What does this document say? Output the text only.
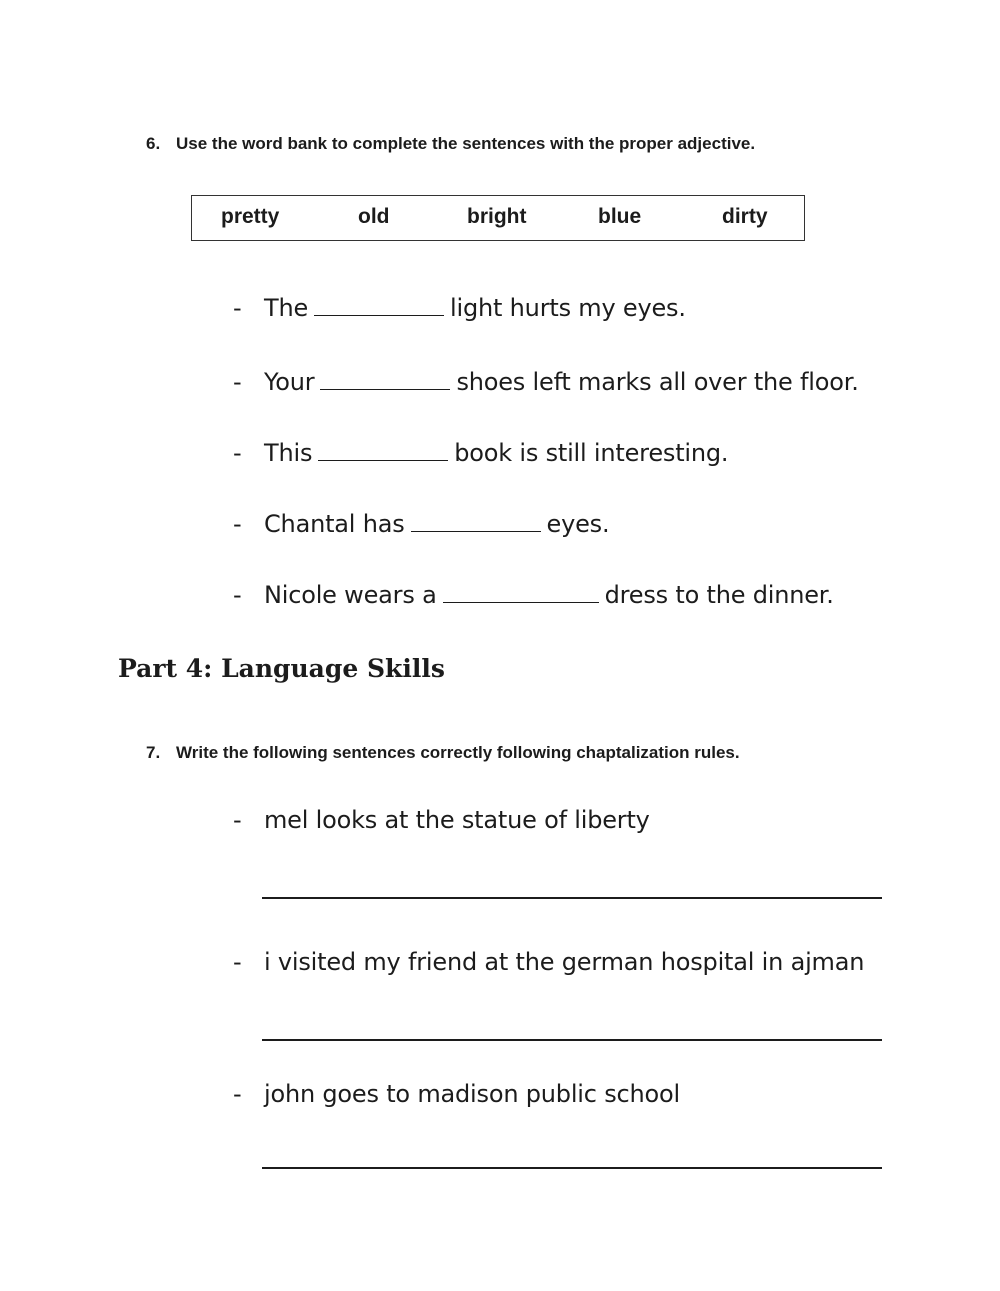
6. Use the word bank to complete the sentences with the proper adjective.
pretty	old	bright	blue	dirty
- The	light hurts my eyes.
- Your	shoes left marks all over the floor.
- This	book is still interesting.
- Chantal has	eyes.
- Nicole wears a	dress to the dinner.
Part 4: Language Skills
7. Write the following sentences correctly following chaptalization rules.
- mel looks at the statue of liberty
- i visited my friend at the german hospital in ajman
- john goes to madison public school
